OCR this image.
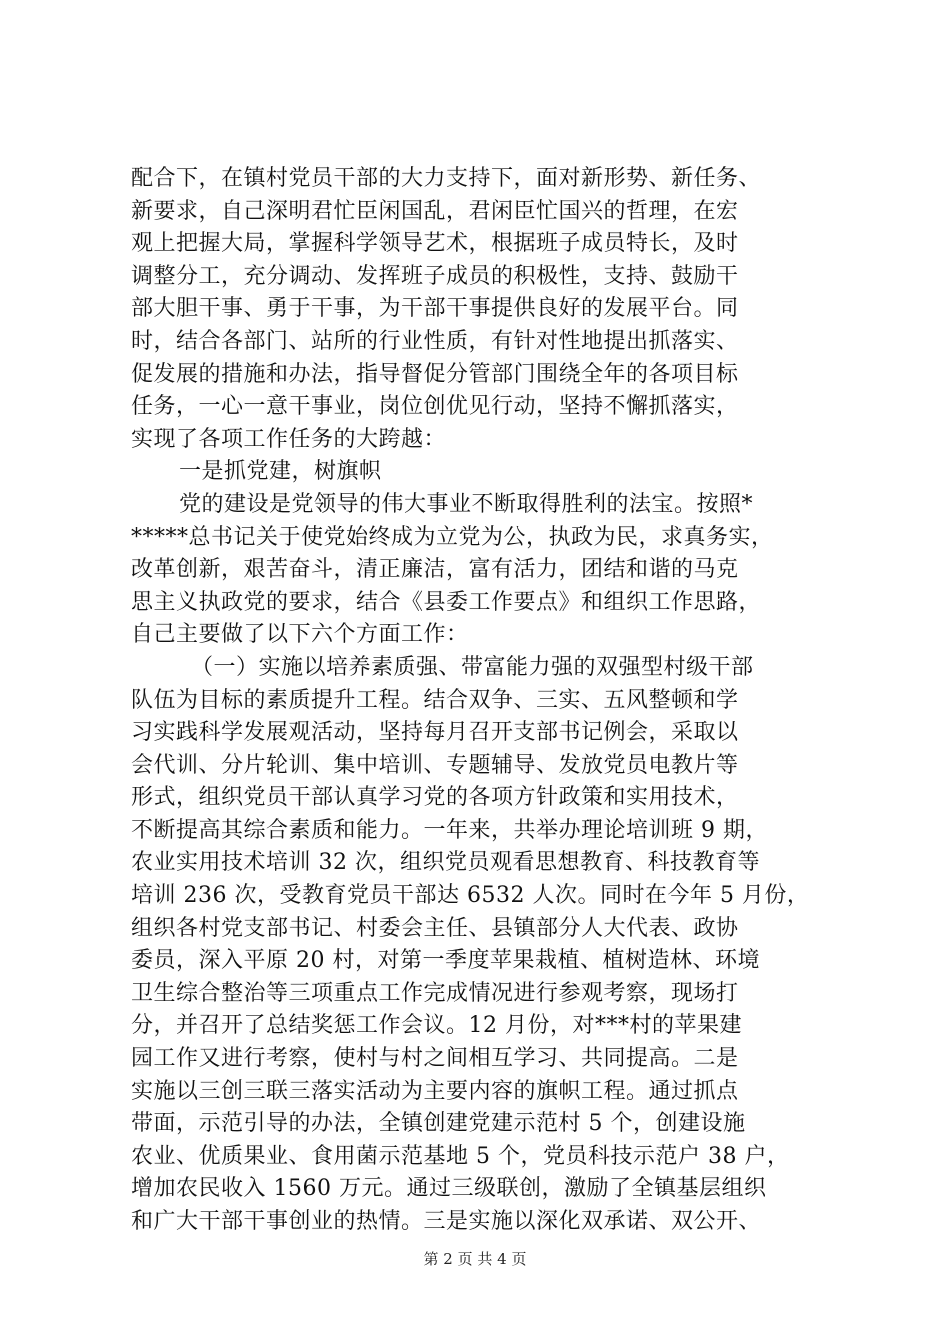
配合下，在镇村党员干部的大力支持下，面对新形势、新任务、
新要求，自己深明君忙臣闲国乱，君闲臣忙国兴的哲理，在宏
观上把握大局，掌握科学领导艺术，根据班子成员特长，及时
调整分工，充分调动、发挥班子成员的积极性，支持、鼓励干
部大胆干事、勇于干事，为干部干事提供良好的发展平台。同
时，结合各部门、站所的行业性质，有针对性地提出抓落实、
促发展的措施和办法，指导督促分管部门围绕全年的各项目标
任务，一心一意干事业，岗位创优见行动，坚持不懈抓落实，
实现了各项工作任务的大跨越：
一是抓党建，树旗帜
党的建设是党领导的伟大事业不断取得胜利的法宝。按照*
*****总书记关于使党始终成为立党为公，执政为民，求真务实，
改革创新，艰苦奋斗，清正廉洁，富有活力，团结和谐的马克
思主义执政党的要求，结合《县委工作要点》和组织工作思路，
自己主要做了以下六个方面工作：
（一）实施以培养素质强、带富能力强的双强型村级干部
队伍为目标的素质提升工程。结合双争、三实、五风整顿和学
习实践科学发展观活动，坚持每月召开支部书记例会，采取以
会代训、分片轮训、集中培训、专题辅导、发放党员电教片等
形式，组织党员干部认真学习党的各项方针政策和实用技术，
不断提高其综合素质和能力。一年来，共举办理论培训班 9 期，
农业实用技术培训 32 次，组织党员观看思想教育、科技教育等
培训 236 次，受教育党员干部达 6532 人次。同时在今年 5 月份，
组织各村党支部书记、村委会主任、县镇部分人大代表、政协
委员，深入平原 20 村，对第一季度苹果栽植、植树造林、环境
卫生综合整治等三项重点工作完成情况进行参观考察，现场打
分，并召开了总结奖惩工作会议。12 月份，对***村的苹果建
园工作又进行考察，使村与村之间相互学习、共同提高。二是
实施以三创三联三落实活动为主要内容的旗帜工程。通过抓点
带面，示范引导的办法，全镇创建党建示范村 5 个，创建设施
农业、优质果业、食用菌示范基地 5 个，党员科技示范户 38 户，
增加农民收入 1560 万元。通过三级联创，激励了全镇基层组织
和广大干部干事创业的热情。三是实施以深化双承诺、双公开、
第 2 页 共 4 页
